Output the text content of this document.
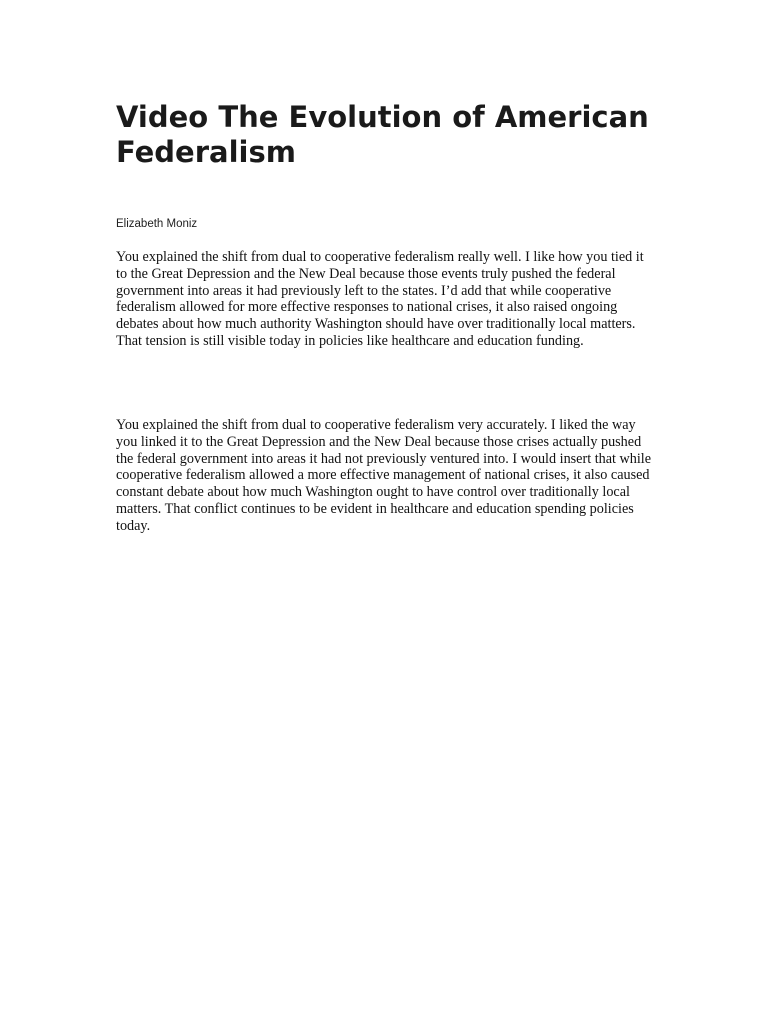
Video The Evolution of American Federalism

Elizabeth Moniz

You explained the shift from dual to cooperative federalism really well. I like how you tied it to the Great Depression and the New Deal because those events truly pushed the federal government into areas it had previously left to the states. I’d add that while cooperative federalism allowed for more effective responses to national crises, it also raised ongoing debates about how much authority Washington should have over traditionally local matters. That tension is still visible today in policies like healthcare and education funding.

You explained the shift from dual to cooperative federalism very accurately. I liked the way you linked it to the Great Depression and the New Deal because those crises actually pushed the federal government into areas it had not previously ventured into. I would insert that while cooperative federalism allowed a more effective management of national crises, it also caused constant debate about how much Washington ought to have control over traditionally local matters. That conflict continues to be evident in healthcare and education spending policies today.
